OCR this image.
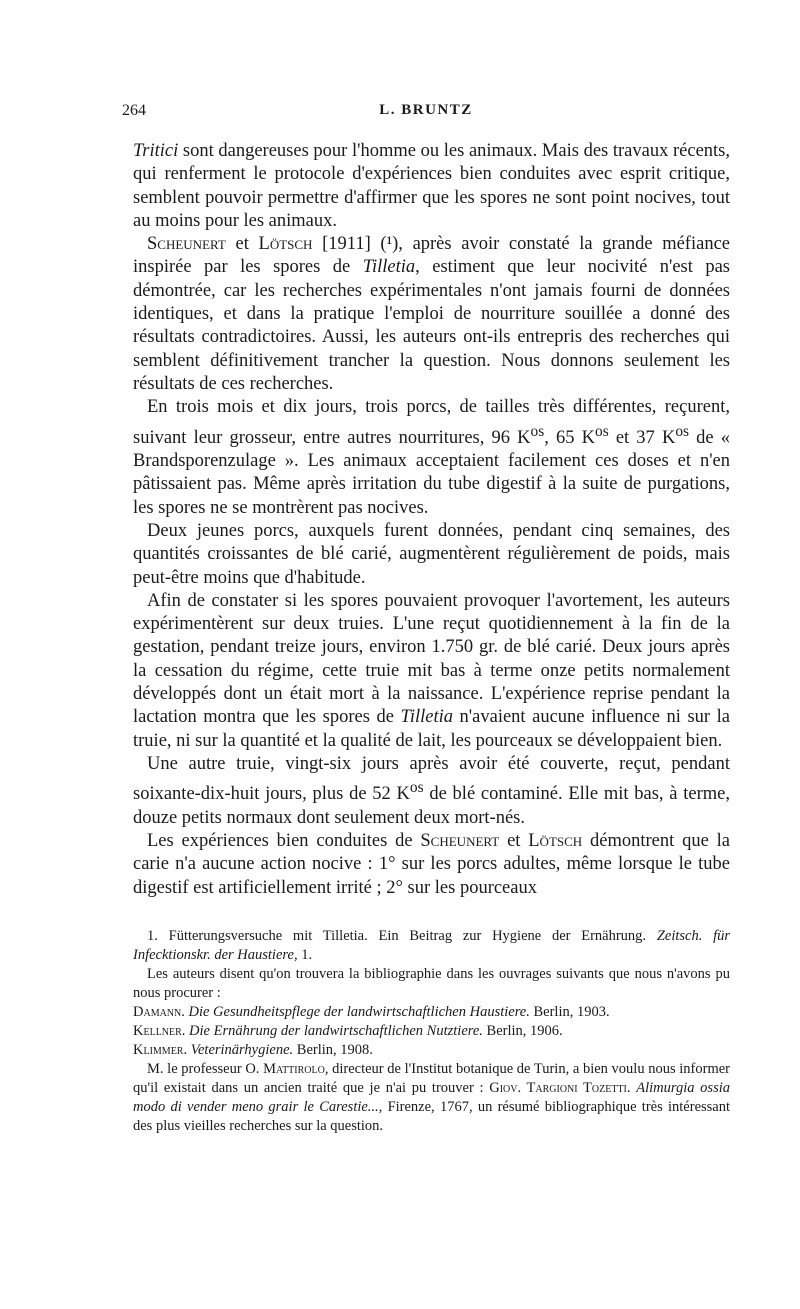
264	L. BRUNTZ

Tritici sont dangereuses pour l'homme ou les animaux. Mais des travaux récents, qui renferment le protocole d'expériences bien conduites avec esprit critique, semblent pouvoir permettre d'affirmer que les spores ne sont point nocives, tout au moins pour les animaux.

Scheunert et Lötsch [1911] (¹), après avoir constaté la grande méfiance inspirée par les spores de Tilletia, estiment que leur nocivité n'est pas démontrée, car les recherches expérimentales n'ont jamais fourni de données identiques, et dans la pratique l'emploi de nourriture souillée a donné des résultats contradictoires. Aussi, les auteurs ont-ils entrepris des recherches qui semblent définitivement trancher la question. Nous donnons seulement les résultats de ces recherches.

En trois mois et dix jours, trois porcs, de tailles très différentes, reçurent, suivant leur grosseur, entre autres nourritures, 96 $K^{os}$, 65 $K^{os}$ et 37 $K^{os}$ de « Brandsporenzulage ». Les animaux acceptaient facilement ces doses et n'en pâtissaient pas. Même après irritation du tube digestif à la suite de purgations, les spores ne se montrèrent pas nocives.

Deux jeunes porcs, auxquels furent données, pendant cinq semaines, des quantités croissantes de blé carié, augmentèrent régulièrement de poids, mais peut-être moins que d'habitude.

Afin de constater si les spores pouvaient provoquer l'avortement, les auteurs expérimentèrent sur deux truies. L'une reçut quotidiennement à la fin de la gestation, pendant treize jours, environ 1.750 gr. de blé carié. Deux jours après la cessation du régime, cette truie mit bas à terme onze petits normalement développés dont un était mort à la naissance. L'expérience reprise pendant la lactation montra que les spores de Tilletia n'avaient aucune influence ni sur la truie, ni sur la quantité et la qualité de lait, les pourceaux se développaient bien.

Une autre truie, vingt-six jours après avoir été couverte, reçut, pendant soixante-dix-huit jours, plus de 52 $K^{os}$ de blé contaminé. Elle mit bas, à terme, douze petits normaux dont seulement deux mort-nés.

Les expériences bien conduites de Scheunert et Lötsch démontrent que la carie n'a aucune action nocive : 1° sur les porcs adultes, même lorsque le tube digestif est artificiellement irrité ; 2° sur les pourceaux

1. Fütterungsversuche mit Tilletia. Ein Beitrag zur Hygiene der Ernährung. Zeitsch. für Infecktionskr. der Haustiere, 1.

Les auteurs disent qu'on trouvera la bibliographie dans les ouvrages suivants que nous n'avons pu nous procurer :

Damann. Die Gesundheitspflege der landwirtschaftlichen Haustiere. Berlin, 1903.

Kellner. Die Ernährung der landwirtschaftlichen Nutztiere. Berlin, 1906.

Klimmer. Veterinärhygiene. Berlin, 1908.

M. le professeur O. Mattirolo, directeur de l'Institut botanique de Turin, a bien voulu nous informer qu'il existait dans un ancien traité que je n'ai pu trouver : Giov. Targioni Tozetti. Alimurgia ossia modo di vender meno grair le Carestie..., Firenze, 1767, un résumé bibliographique très intéressant des plus vieilles recherches sur la question.
